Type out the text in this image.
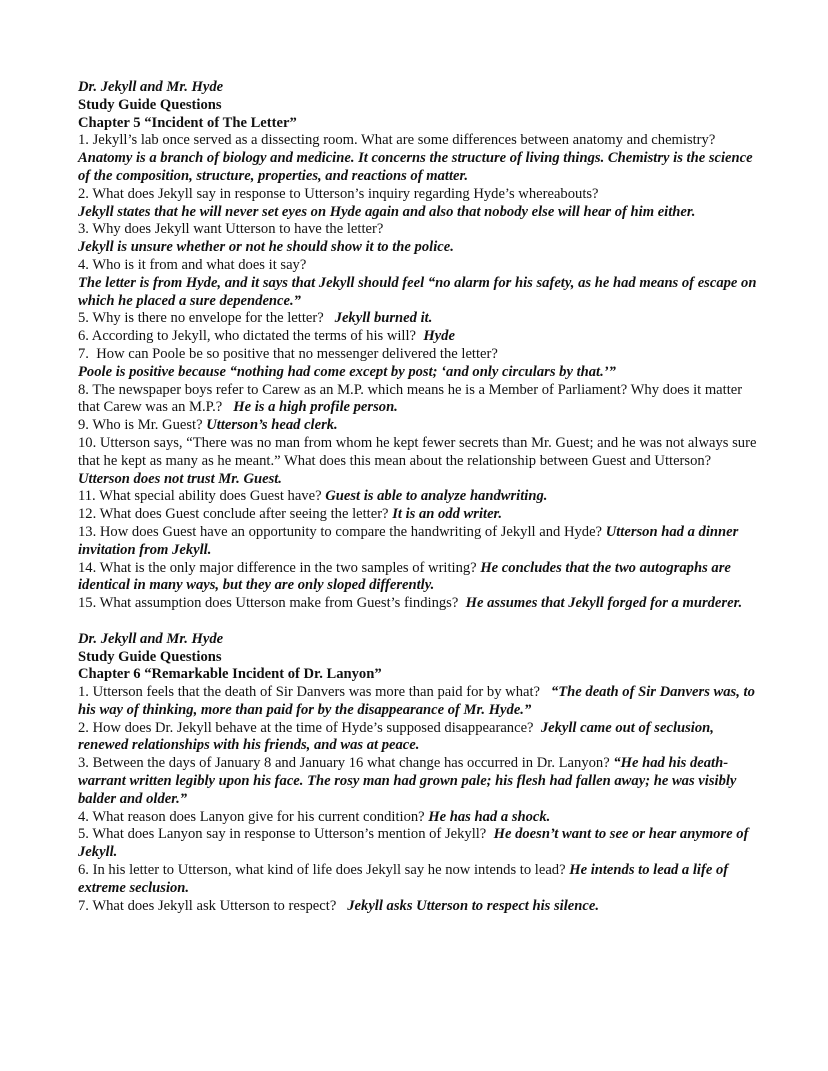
Dr. Jekyll and Mr. Hyde

Study Guide Questions

Chapter 5 “Incident of The Letter”

1. Jekyll’s lab once served as a dissecting room. What are some differences between anatomy and chemistry?

Anatomy is a branch of biology and medicine. It concerns the structure of living things. Chemistry is the science of the composition, structure, properties, and reactions of matter.

2. What does Jekyll say in response to Utterson’s inquiry regarding Hyde’s whereabouts?

Jekyll states that he will never set eyes on Hyde again and also that nobody else will hear of him either.

3. Why does Jekyll want Utterson to have the letter?

Jekyll is unsure whether or not he should show it to the police.

4. Who is it from and what does it say?

The letter is from Hyde, and it says that Jekyll should feel “no alarm for his safety, as he had means of escape on which he placed a sure dependence.”

5. Why is there no envelope for the letter?   Jekyll burned it.

6. According to Jekyll, who dictated the terms of his will?  Hyde

7.  How can Poole be so positive that no messenger delivered the letter?

Poole is positive because “nothing had come except by post; ‘and only circulars by that.’”

8. The newspaper boys refer to Carew as an M.P. which means he is a Member of Parliament? Why does it matter that Carew was an M.P.?   He is a high profile person.

9. Who is Mr. Guest? Utterson’s head clerk.

10. Utterson says, “There was no man from whom he kept fewer secrets than Mr. Guest; and he was not always sure that he kept as many as he meant.” What does this mean about the relationship between Guest and Utterson?  Utterson does not trust Mr. Guest.

11. What special ability does Guest have? Guest is able to analyze handwriting.

12. What does Guest conclude after seeing the letter? It is an odd writer.

13. How does Guest have an opportunity to compare the handwriting of Jekyll and Hyde? Utterson had a dinner invitation from Jekyll.

14. What is the only major difference in the two samples of writing? He concludes that the two autographs are identical in many ways, but they are only sloped differently.

15. What assumption does Utterson make from Guest’s findings?  He assumes that Jekyll forged for a murderer.

Dr. Jekyll and Mr. Hyde

Study Guide Questions

Chapter 6 “Remarkable Incident of Dr. Lanyon”

1. Utterson feels that the death of Sir Danvers was more than paid for by what?   “The death of Sir Danvers was, to his way of thinking, more than paid for by the disappearance of Mr. Hyde.”

2. How does Dr. Jekyll behave at the time of Hyde’s supposed disappearance?  Jekyll came out of seclusion, renewed relationships with his friends, and was at peace.

3. Between the days of January 8 and January 16 what change has occurred in Dr. Lanyon? “He had his death-warrant written legibly upon his face. The rosy man had grown pale; his flesh had fallen away; he was visibly balder and older.”

4. What reason does Lanyon give for his current condition? He has had a shock.

5. What does Lanyon say in response to Utterson’s mention of Jekyll?  He doesn’t want to see or hear anymore of Jekyll.

6. In his letter to Utterson, what kind of life does Jekyll say he now intends to lead? He intends to lead a life of extreme seclusion.

7. What does Jekyll ask Utterson to respect?   Jekyll asks Utterson to respect his silence.
